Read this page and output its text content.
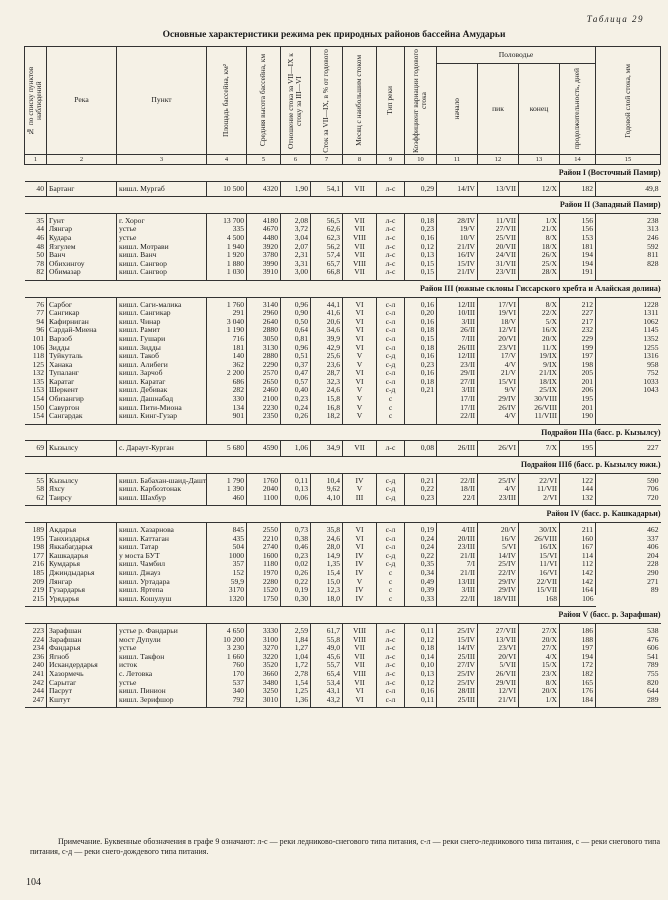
Таблица 29
Основные характеристики режима рек природных районов бассейна Амударьи
№ по списку пунктов наблюдений	Река	Пункт	Площадь бассейна, км²	Средняя высота бассейна, км	Отношение стока за VII—IX к стоку за III—VI	Сток за VII—IX, в % от годового	Месяц с наибольшим стоком	Тип реки	Коэффициент вариации годового стока	Половодье				Годовой слой стока, мм

										начало	пик	конец	продолжительность, дней	

1	2	3	4	5	6	7	8	9	10	11	12	13	14	15
Район I (Восточный Памир)														
40	Бартанг	кишл. Мургаб	10 500	4320	1,90	54,1	VII	л-с	0,29	14/IV	13/VII	12/X	182	49,8
Район II (Западный Памир)														
35	Гунт	г. Хорог	13 700	4180	2,08	56,5	VII	л-с	0,18	28/IV	11/VII	1/X	156	238
44	Лянгар	устье	335	4670	3,72	62,6	VII	л-с	0,23	19/V	27/VII	21/X	156	313
46	Кудара	устье	4 500	4480	3,04	62,3	VIII	л-с	0,16	10/V	25/VII	8/X	153	246
48	Язгулем	кишл. Мотрави	1 940	3920	2,07	56,2	VII	л-с	0,12	21/IV	20/VII	18/X	181	592
50	Ванч	кишл. Ванч	1 920	3780	2,31	57,4	VII	л-с	0,13	16/IV	24/VII	26/X	194	811
78	Обихингоу	кишл. Сангвор	1 880	3990	3,31	65,7	VIII	л-с	0,15	15/IV	31/VII	25/X	194	828
82	Обимазар	кишл. Сангвор	1 030	3910	3,00	66,8	VII	л-с	0,15	21/IV	23/VII	28/X	191	
Район III (южные склоны Гиссарского хребта и Алайская долина)														
76	Сарбог	кишл. Саги-малика	1 760	3140	0,96	44,1	VI	с-л	0,16	12/III	17/VI	8/X	212	1228
77	Сангикар	кишл. Сангикар	291	2960	0,90	41,6	VI	с-л	0,20	10/III	19/VI	22/X	227	1311
94	Кафирниган	кишл. Чинар	3 040	2640	0,50	20,6	VI	с-л	0,16	3/III	18/V	5/X	217	1062
96	Сардай-Миена	кишл. Рамит	1 190	2880	0,64	34,6	VI	с-л	0,18	26/II	12/VI	16/X	232	1145
101	Варзоб	кишл. Гушари	716	3050	0,81	39,9	VI	с-л	0,15	7/III	20/VI	20/X	229	1352
106	Зидды	кишл. Зидды	181	3130	0,96	42,9	VI	с-л	0,18	26/III	23/VI	11/X	199	1255
118	Туйкуталь	кишл. Такоб	140	2880	0,51	25,6	V	с-д	0,16	12/III	17/V	19/IX	197	1316
125	Ханака	кишл. Алибеги	362	2290	0,37	23,6	V	с-д	0,23	23/II	4/V	9/IX	198	958
132	Тупаланг	кишл. Зарчоб	2 200	2570	0,47	28,7	VI	с-л	0,16	29/II	21/V	21/IX	205	752
135	Каратаг	кишл. Каратаг	686	2650	0,57	32,3	VI	с-л	0,18	27/II	15/VI	18/IX	201	1033
153	Шеркент	кишл. Дебивак	282	2460	0,40	24,6	V	с-д	0,21	3/III	9/V	25/IX	206	1043
154	Обизангир	кишл. Дашнабад	330	2100	0,23	15,8	V	с		17/II	29/IV	30/VIII	195	
150	Савургон	кишл. Пити-Миона	134	2230	0,24	16,8	V	с		17/II	26/IV	26/VIII	201	
154	Сангардак	кишл. Кинг-Гузар	901	2350	0,26	18,2	V	с		22/II	4/V	11/VIII	190	
Подрайон IIIа (басс. р. Кызылсу)														
69	Кызылсу	с. Дараут-Курган	5 680	4590	1,06	34,9	VII	л-с	0,08	26/III	26/VI	7/X	195	227
Подрайон IIIб (басс. р. Кызылсу южн.)														
55	Кызылсу	кишл. Бабахан-шаид-Дашт	1 790	1760	0,11	10,4	IV	с-д	0,21	22/II	25/IV	22/VI	122	590
58	Яхсу	кишл. Карбозтонак	1 390	2040	0,13	9,62	V	с-д	0,22	18/II	4/V	11/VII	144	706
62	Таирсу	кишл. Шахбур	460	1100	0,06	4,10	III	с-д	0,23	22/I	23/III	2/VI	132	720
Район IV (басс. р. Кашкадарьи)														
189	Акдарья	кишл. Хазарнова	845	2550	0,73	35,8	VI	с-л	0,19	4/III	20/V	30/IX	211	462
195	Танхиздарья	кишл. Каттаган	435	2210	0,38	24,6	VI	с-л	0,24	20/III	16/V	26/VIII	160	337
198	Яккабагдарья	кишл. Татар	504	2740	0,46	28,0	VI	с-л	0,24	23/III	5/VI	16/IX	167	406
177	Кашкадарья	у моста БУТ	1000	1600	0,23	14,9	IV	с-д	0,22	21/II	14/IV	15/VI	114	204
216	Кумдарья	кишл. Чамбил	357	1180	0,02	1,35	IV	с-д	0,35	7/I	25/IV	11/VI	112	228
185	Джиндыдарья	кишл. Джауз	152	1970	0,26	15,4	IV	с	0,34	21/II	22/IV	16/VI	142	290
209	Лянгар	кишл. Уртадара	59,9	2280	0,22	15,0	V	с	0,49	13/III	29/IV	22/VII	142	271
219	Гузардарья	кишл. Яртепа	3170	1520	0,19	12,3	IV	с	0,39	3/III	29/IV	15/VII	164	89
215	Урядарья	кишл. Кошулуш	1320	1750	0,30	18,0	IV	с	0,33	22/II	18/VIII	168	106	
Район V (басс. р. Зарафшан)														
223	Зарафшан	устье р. Фандарьи	4 650	3330	2,59	61,7	VIII	л-с	0,11	25/IV	27/VII	27/X	186	538
224	Зарафшан	мост Дупули	10 200	3100	1,84	55,8	VIII	л-с	0,12	15/IV	13/VII	20/X	188	476
234	Фандарья	устье	3 230	3270	1,27	49,0	VII	л-с	0,18	14/IV	23/VI	27/X	197	606
236	Ягноб	кишл. Такфон	1 660	3220	1,04	45,6	VII	л-с	0,14	25/III	20/VI	4/X	194	541
240	Искандердарья	исток	760	3520	1,72	55,7	VII	л-с	0,10	27/IV	5/VII	15/X	172	789
241	Хазормечь	с. Летовка	170	3660	2,78	65,4	VIII	л-с	0,13	25/IV	26/VII	23/X	182	755
242	Сарытаг	устье	537	3480	1,54	53,4	VII	л-с	0,12	25/IV	29/VII	8/X	165	820
244	Пасрут	кишл. Пинион	340	3250	1,25	43,1	VI	с-л	0,16	28/III	12/VI	20/X	176	644
247	Кштут	кишл. Зерифшор	792	3010	1,36	43,2	VI	с-л	0,11	25/III	21/VI	1/X	184	289
Примечание. Буквенные обозначения в графе 9 означают: л-с — реки ледниково-снегового типа питания, с-л — реки снего-ледникового типа питания, с — реки снегового типа питания, с-д — реки снего-дождевого типа питания.
104
